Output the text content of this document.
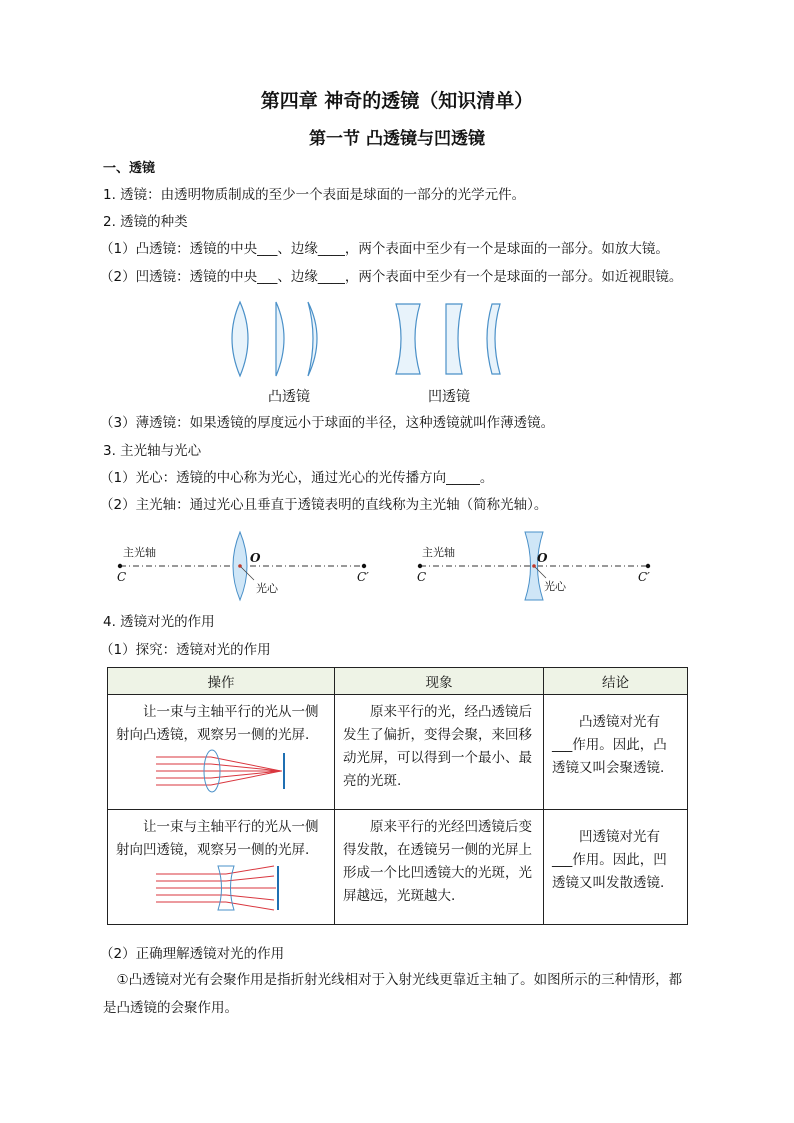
第四章 神奇的透镜（知识清单）
第一节 凸透镜与凹透镜
一、透镜
1. 透镜：由透明物质制成的至少一个表面是球面的一部分的光学元件。
2. 透镜的种类
（1）凸透镜：透镜的中央___、边缘____，两个表面中至少有一个是球面的一部分。如放大镜。
（2）凹透镜：透镜的中央___、边缘____，两个表面中至少有一个是球面的一部分。如近视眼镜。
凸透镜	凹透镜
（3）薄透镜：如果透镜的厚度远小于球面的半径，这种透镜就叫作薄透镜。
3. 主光轴与光心
（1）光心：透镜的中心称为光心，通过光心的光传播方向_____。
（2）主光轴：通过光心且垂直于透镜表明的直线称为主光轴（简称光轴）。
主光轴
C
O
C′
光心
主光轴
C
O
C′
光心
4. 透镜对光的作用
（1）探究：透镜对光的作用
操作	现象	结论

让一束与主轴平行的光从一侧射向凸透镜，观察另一侧的光屏.	原来平行的光，经凸透镜后发生了偏折，变得会聚，来回移动光屏，可以得到一个最小、最亮的光斑.	凸透镜对光有___作用。因此，凸透镜又叫会聚透镜.

让一束与主轴平行的光从一侧射向凹透镜，观察另一侧的光屏.	原来平行的光经凹透镜后变得发散，在透镜另一侧的光屏上形成一个比凹透镜大的光斑，光屏越远，光斑越大.	凹透镜对光有___作用。因此，凹透镜又叫发散透镜.
（2）正确理解透镜对光的作用
①凸透镜对光有会聚作用是指折射光线相对于入射光线更靠近主轴了。如图所示的三种情形，都是凸透镜的会聚作用。
